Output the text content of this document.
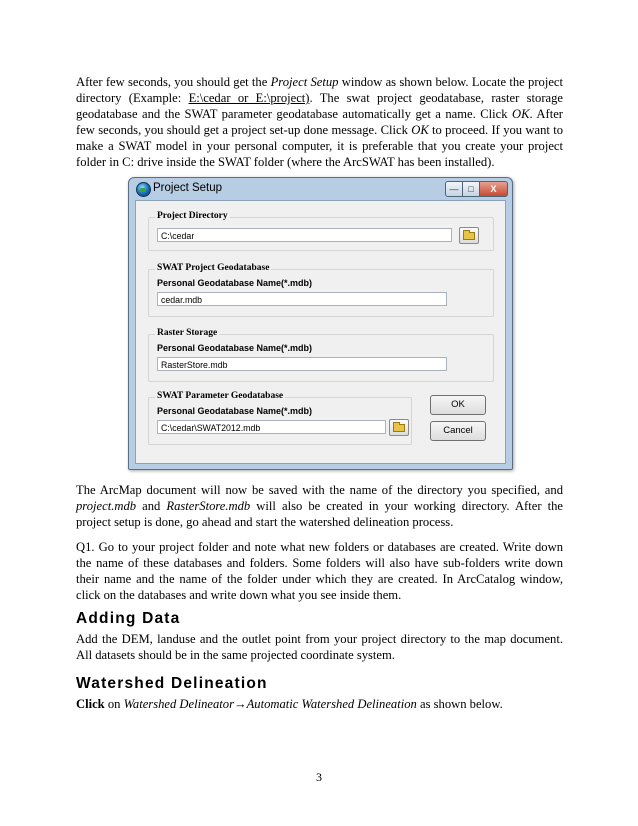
After few seconds, you should get the Project Setup window as shown below. Locate the project directory (Example: E:\cedar or E:\project). The swat project geodatabase, raster storage geodatabase and the SWAT parameter geodatabase automatically get a name. Click OK. After few seconds, you should get a project set-up done message. Click OK to proceed. If you want to make a SWAT model in your personal computer, it is preferable that you create your project folder in C: drive inside the SWAT folder (where the ArcSWAT has been installed).

Project Setup	—	□	X
Project Directory
C:\cedar
SWAT Project Geodatabase
Personal Geodatabase Name(*.mdb)
cedar.mdb
Raster Storage
Personal Geodatabase Name(*.mdb)
RasterStore.mdb
SWAT Parameter Geodatabase
Personal Geodatabase Name(*.mdb)
C:\cedar\SWAT2012.mdb
OK
Cancel

The ArcMap document will now be saved with the name of the directory you specified, and project.mdb and RasterStore.mdb will also be created in your working directory. After the project setup is done, go ahead and start the watershed delineation process.

Q1. Go to your project folder and note what new folders or databases are created. Write down the name of these databases and folders. Some folders will also have sub-folders write down their name and the name of the folder under which they are created. In ArcCatalog window, click on the databases and write down what you see inside them.

Adding Data

Add the DEM, landuse and the outlet point from your project directory to the map document. All datasets should be in the same projected coordinate system.

Watershed Delineation

Click on Watershed Delineator→Automatic Watershed Delineation as shown below.

3
